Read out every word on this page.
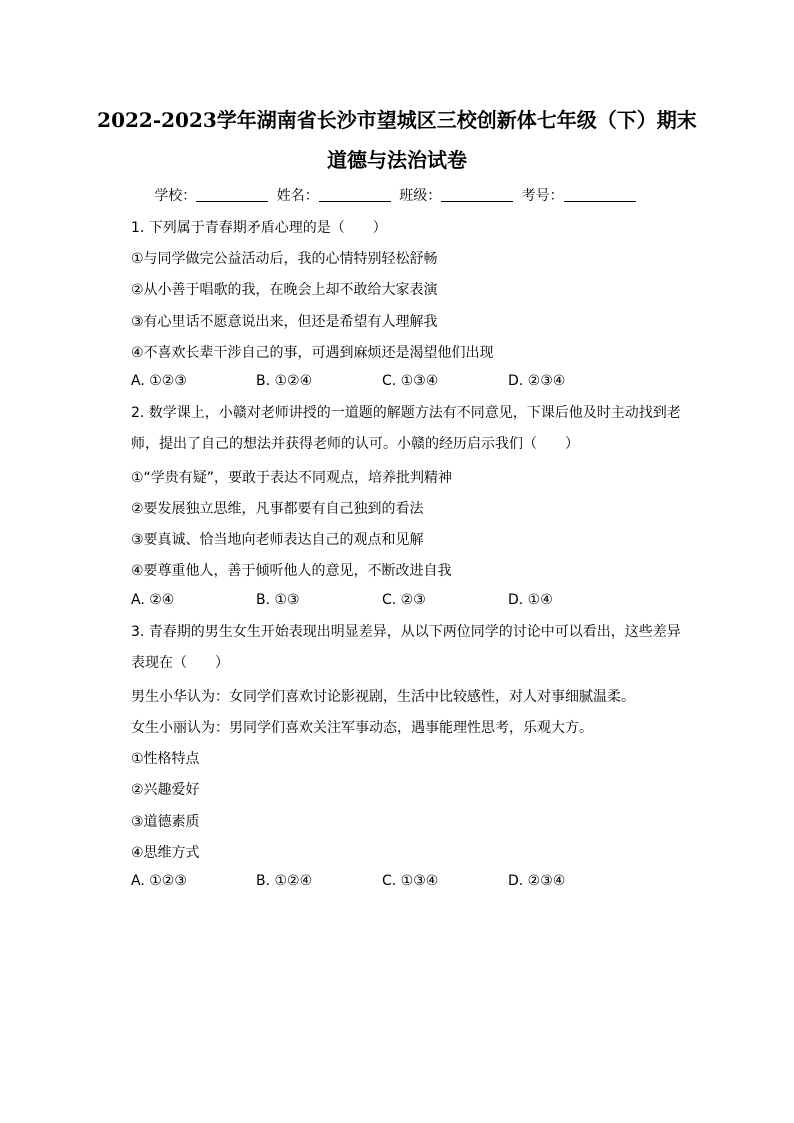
2022-2023学年湖南省长沙市望城区三校创新体七年级（下）期末道德与法治试卷
学校：	姓名：	班级：	考号：
1. 下列属于青春期矛盾心理的是（　　）
①与同学做完公益活动后，我的心情特别轻松舒畅
②从小善于唱歌的我，在晚会上却不敢给大家表演
③有心里话不愿意说出来，但还是希望有人理解我
④不喜欢长辈干涉自己的事，可遇到麻烦还是渴望他们出现
A. ①②③	B. ①②④	C. ①③④	D. ②③④
2. 数学课上，小赣对老师讲授的一道题的解题方法有不同意见，下课后他及时主动找到老师，提出了自己的想法并获得老师的认可。小赣的经历启示我们（　　）
①“学贵有疑”，要敢于表达不同观点，培养批判精神
②要发展独立思维，凡事都要有自己独到的看法
③要真诚、恰当地向老师表达自己的观点和见解
④要尊重他人，善于倾听他人的意见，不断改进自我
A. ②④	B. ①③	C. ②③	D. ①④
3. 青春期的男生女生开始表现出明显差异，从以下两位同学的讨论中可以看出，这些差异表现在（　　）
男生小华认为：女同学们喜欢讨论影视剧，生活中比较感性，对人对事细腻温柔。
女生小丽认为：男同学们喜欢关注军事动态，遇事能理性思考，乐观大方。
①性格特点
②兴趣爱好
③道德素质
④思维方式
A. ①②③	B. ①②④	C. ①③④	D. ②③④
